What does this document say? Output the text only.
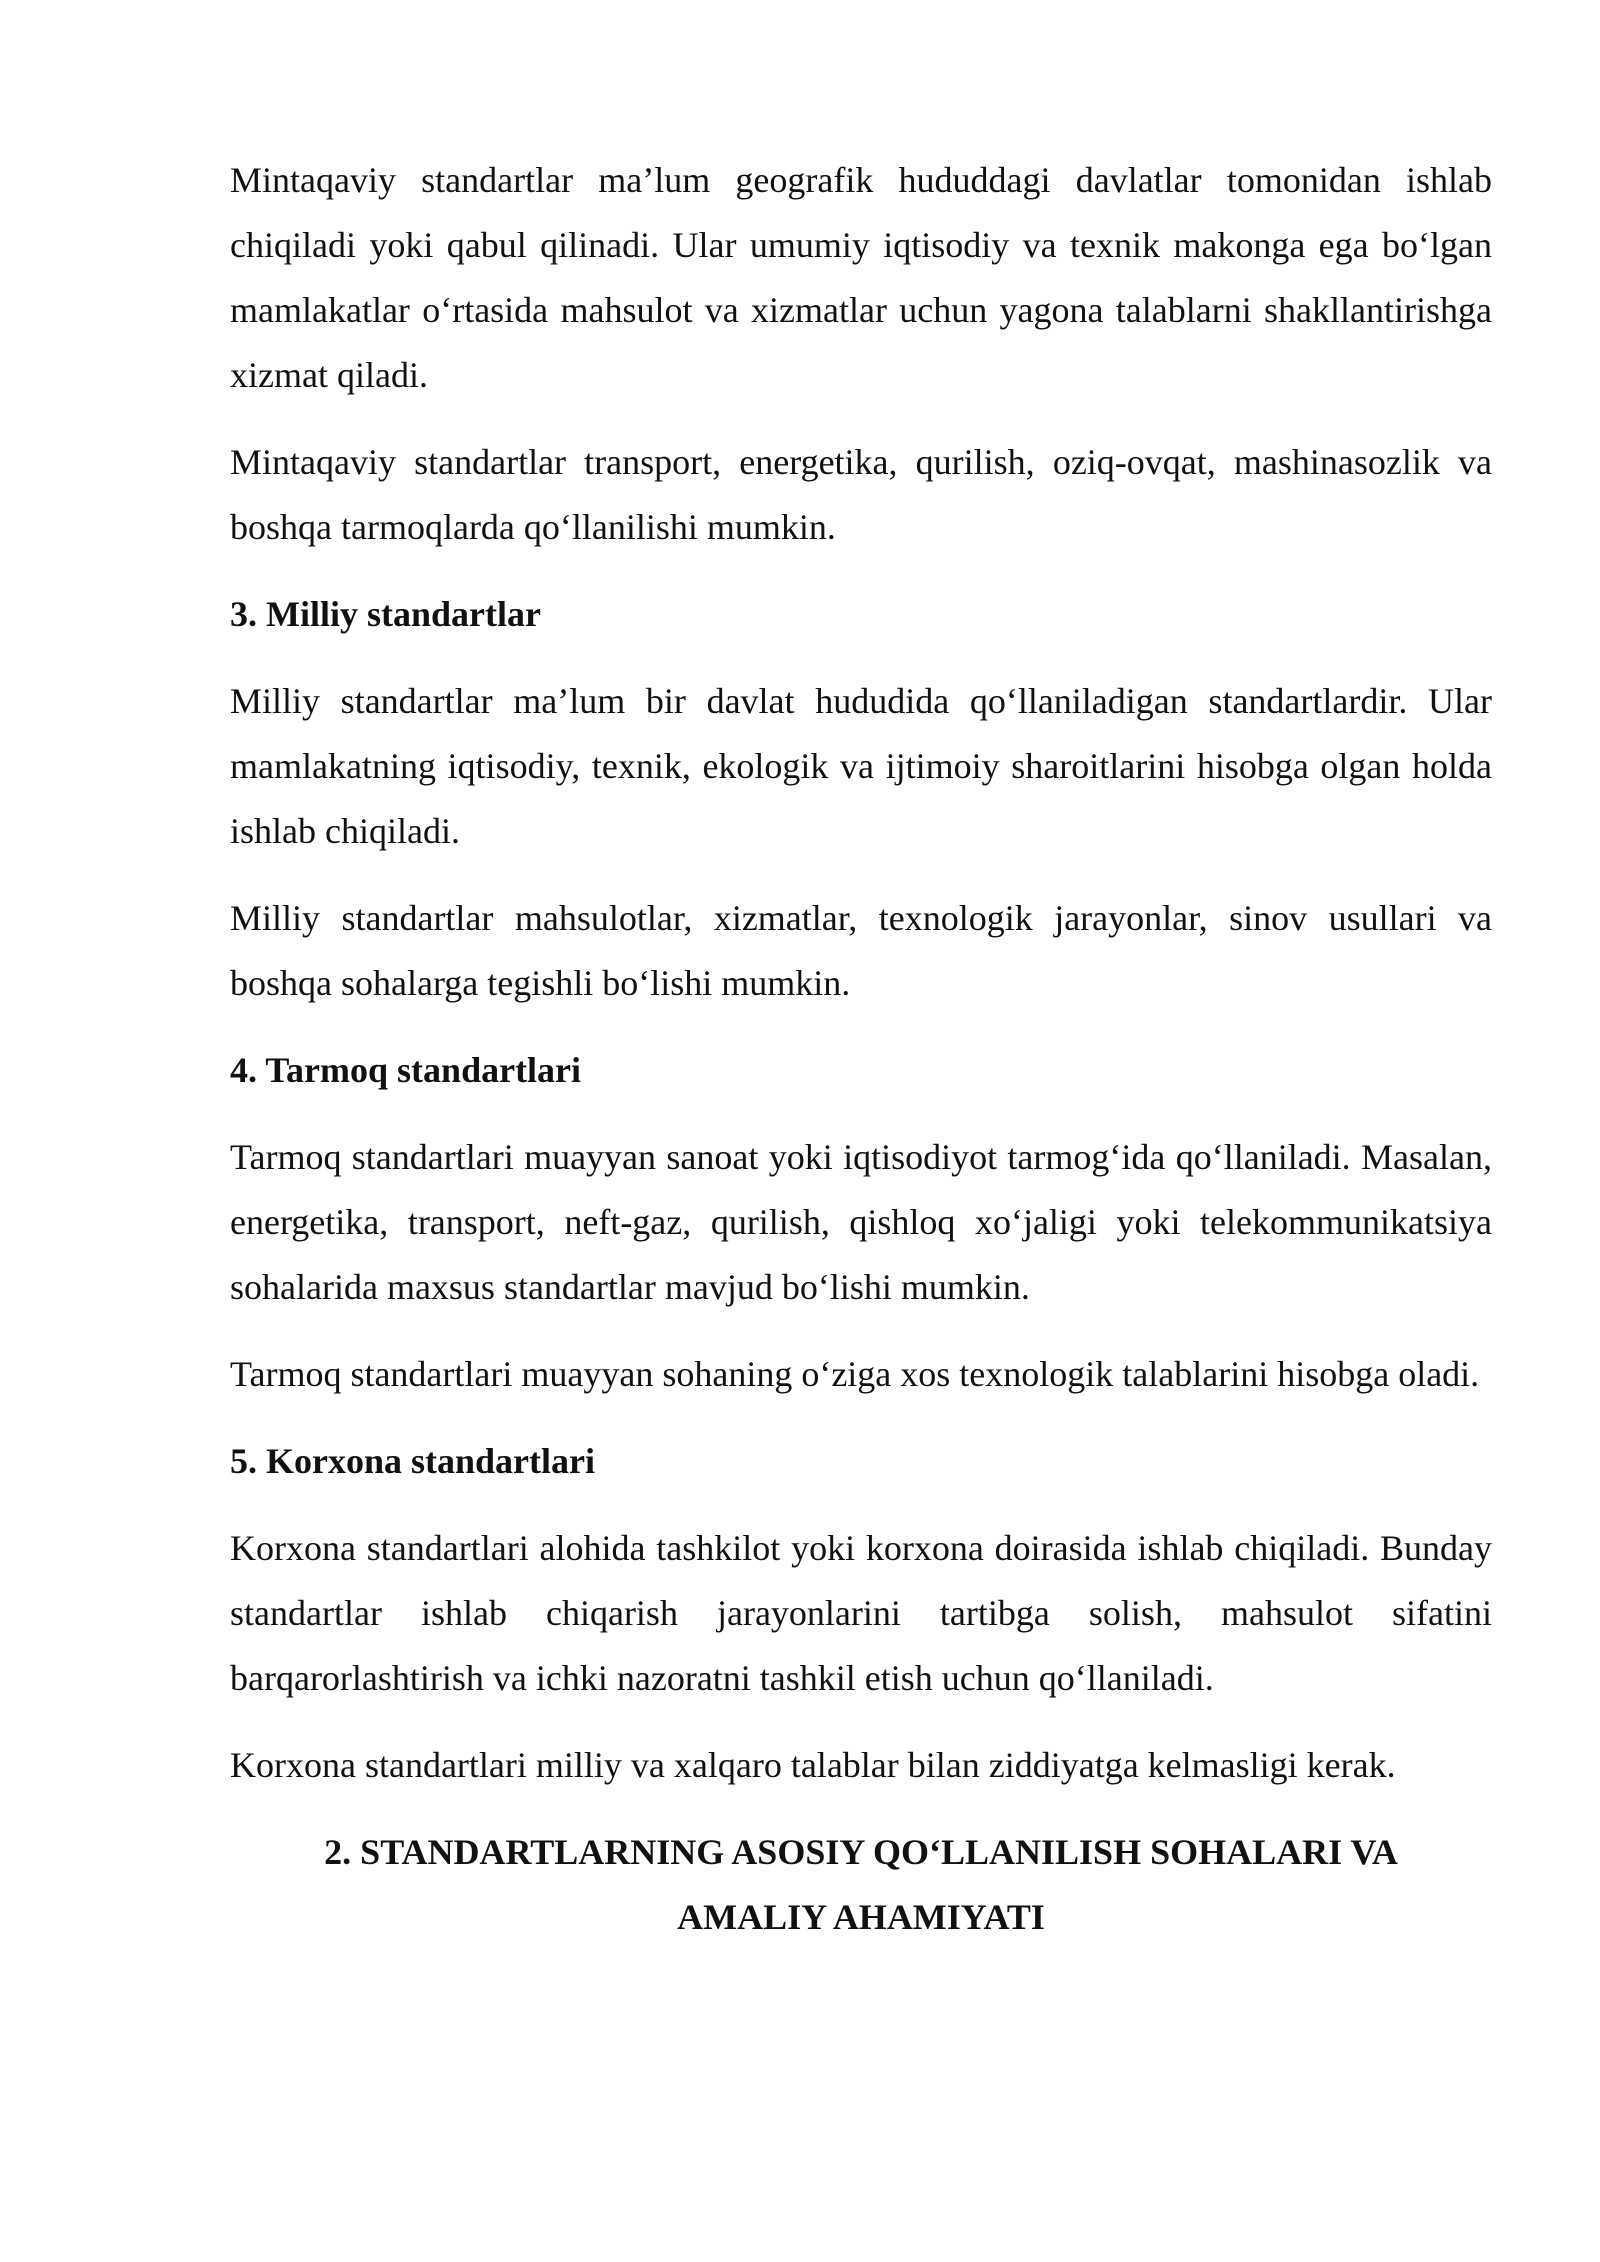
Mintaqaviy standartlar ma’lum geografik hududdagi davlatlar tomonidan ishlab chiqiladi yoki qabul qilinadi. Ular umumiy iqtisodiy va texnik makonga ega bo‘lgan mamlakatlar o‘rtasida mahsulot va xizmatlar uchun yagona talablarni shakllantirishga xizmat qiladi.

Mintaqaviy standartlar transport, energetika, qurilish, oziq-ovqat, mashinasozlik va boshqa tarmoqlarda qo‘llanilishi mumkin.

3. Milliy standartlar

Milliy standartlar ma’lum bir davlat hududida qo‘llaniladigan standartlardir. Ular mamlakatning iqtisodiy, texnik, ekologik va ijtimoiy sharoitlarini hisobga olgan holda ishlab chiqiladi.

Milliy standartlar mahsulotlar, xizmatlar, texnologik jarayonlar, sinov usullari va boshqa sohalarga tegishli bo‘lishi mumkin.

4. Tarmoq standartlari

Tarmoq standartlari muayyan sanoat yoki iqtisodiyot tarmog‘ida qo‘llaniladi. Masalan, energetika, transport, neft-gaz, qurilish, qishloq xo‘jaligi yoki telekommunikatsiya sohalarida maxsus standartlar mavjud bo‘lishi mumkin.

Tarmoq standartlari muayyan sohaning o‘ziga xos texnologik talablarini hisobga oladi.

5. Korxona standartlari

Korxona standartlari alohida tashkilot yoki korxona doirasida ishlab chiqiladi. Bunday standartlar ishlab chiqarish jarayonlarini tartibga solish, mahsulot sifatini barqarorlashtirish va ichki nazoratni tashkil etish uchun qo‘llaniladi.

Korxona standartlari milliy va xalqaro talablar bilan ziddiyatga kelmasligi kerak.

2. STANDARTLARNING ASOSIY QO‘LLANILISH SOHALARI VA
AMALIY AHAMIYATI
